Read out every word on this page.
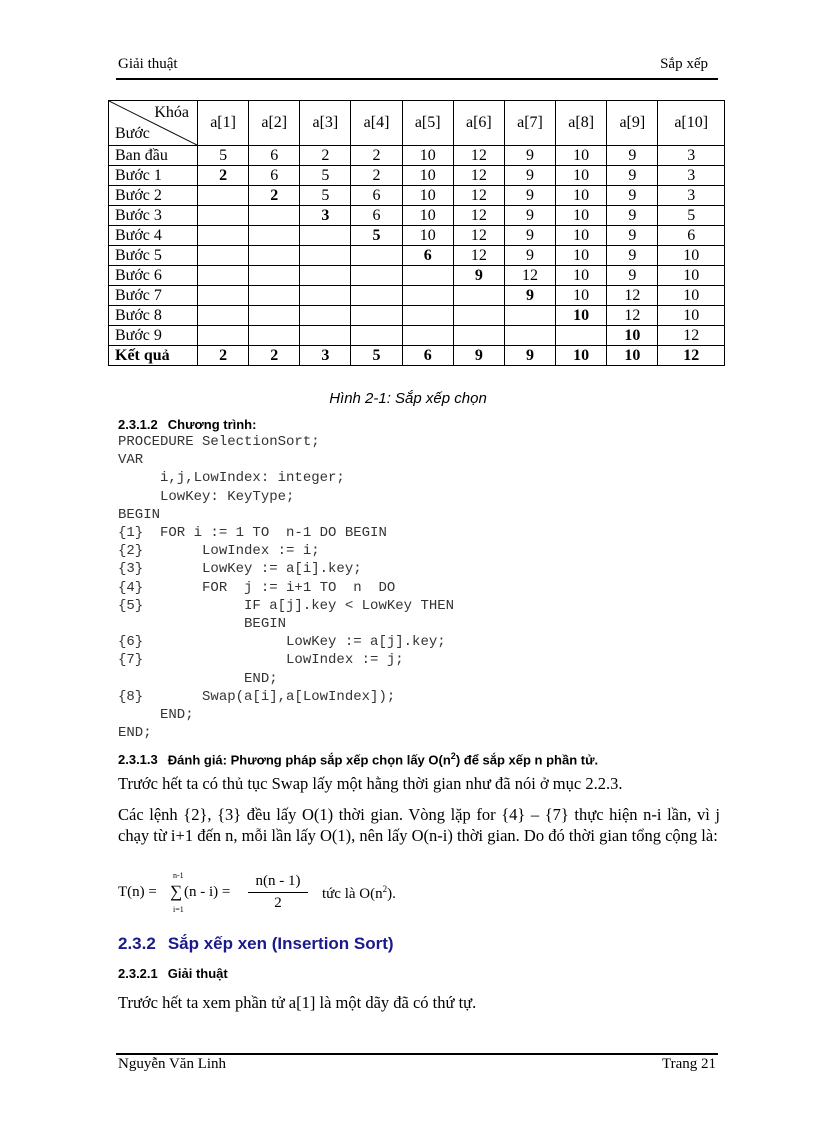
Giải thuật	Sắp xếp
Khóa
Bước	a[1]	a[2]	a[3]	a[4]	a[5]	a[6]	a[7]	a[8]	a[9]	a[10]
Ban đầu	5	6	2	2	10	12	9	10	9	3
Bước 1	2	6	5	2	10	12	9	10	9	3
Bước 2		2	5	6	10	12	9	10	9	3
Bước 3			3	6	10	12	9	10	9	5
Bước 4				5	10	12	9	10	9	6
Bước 5					6	12	9	10	9	10
Bước 6						9	12	10	9	10
Bước 7							9	10	12	10
Bước 8								10	12	10
Bước 9									10	12
Kết quả	2	2	3	5	6	9	9	10	10	12
Hình 2-1: Sắp xếp chọn
2.3.1.2 Chương trình:
PROCEDURE SelectionSort;
VAR
i,j,LowIndex: integer;
LowKey: KeyType;
BEGIN
{1}  FOR i := 1 TO  n-1 DO BEGIN
{2}       LowIndex := i;
{3}       LowKey := a[i].key;
{4}       FOR  j := i+1 TO  n  DO
{5}            IF a[j].key < LowKey THEN
BEGIN
{6}                 LowKey := a[j].key;
{7}                 LowIndex := j;
END;
{8}       Swap(a[i],a[LowIndex]);
END;
END;
2.3.1.3 Đánh giá: Phương pháp sắp xếp chọn lấy $O(n^2)$ để sắp xếp n phần tử.
Trước hết ta có thủ tục Swap lấy một hằng thời gian như đã nói ở mục 2.2.3.
Các lệnh {2}, {3} đều lấy O(1) thời gian. Vòng lặp for {4} – {7} thực hiện n-i lần, vì j chạy từ i+1 đến n, mỗi lần lấy O(1), nên lấy O(n-i) thời gian. Do đó thời gian tổng cộng là:
T(n) =
n-1
∑
i=1
(n - i) =
n(n - 1)
2
tức là $O(n^2)$.
2.3.2 Sắp xếp xen (Insertion Sort)
2.3.2.1 Giải thuật
Trước hết ta xem phần tử a[1] là một dãy đã có thứ tự.
Nguyễn Văn Linh	Trang 21
